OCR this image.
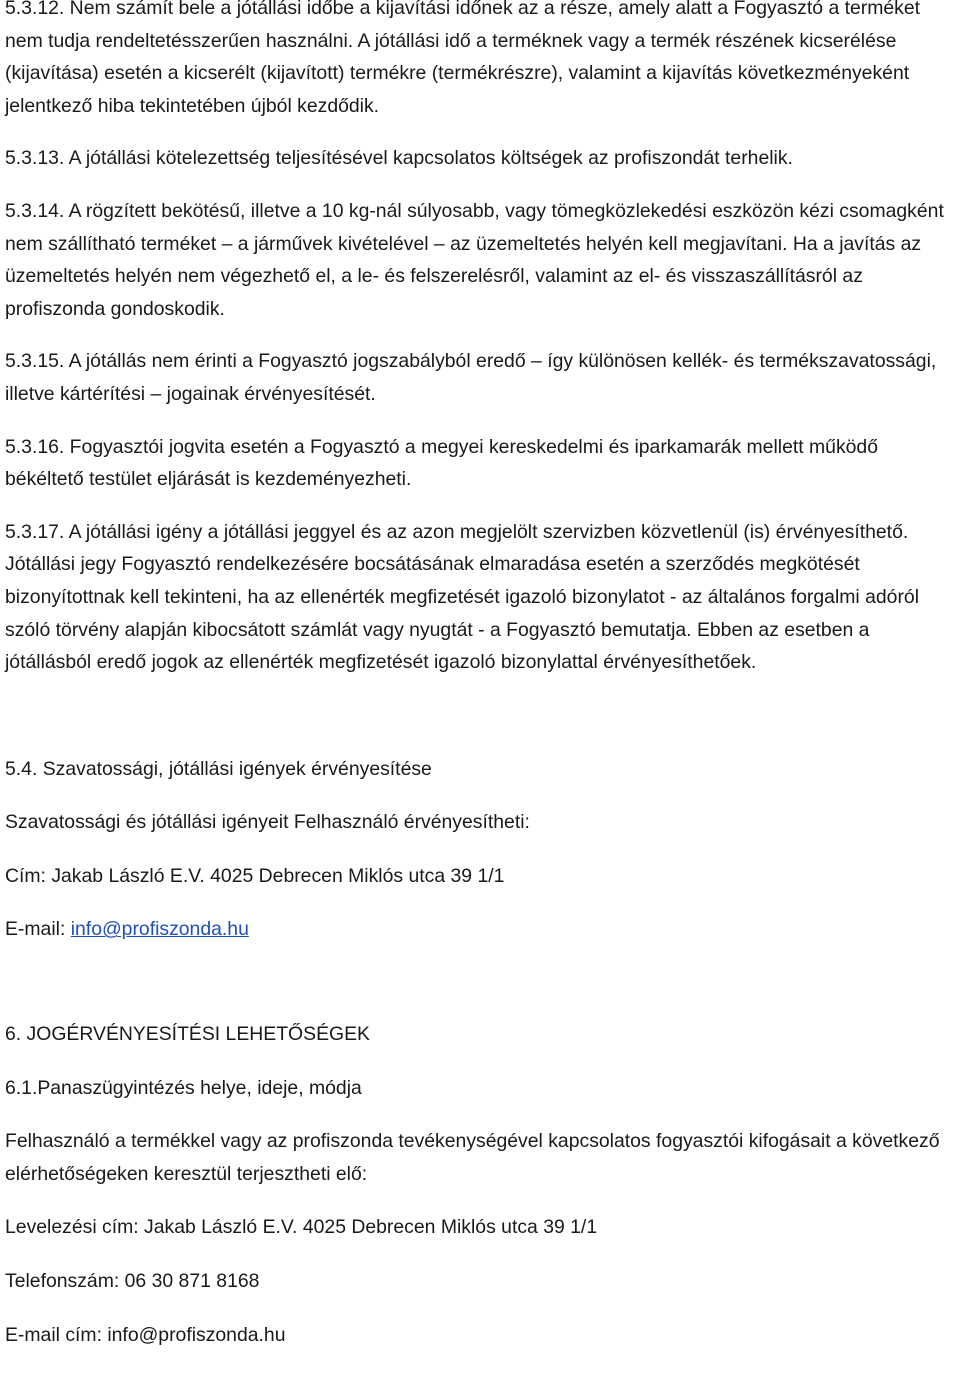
5.3.12. Nem számít bele a jótállási időbe a kijavítási időnek az a része, amely alatt a Fogyasztó a terméket nem tudja rendeltetésszerűen használni. A jótállási idő a terméknek vagy a termék részének kicserélése (kijavítása) esetén a kicserélt (kijavított) termékre (termékrészre), valamint a kijavítás következményeként jelentkező hiba tekintetében újból kezdődik.

5.3.13. A jótállási kötelezettség teljesítésével kapcsolatos költségek az profiszondát terhelik.

5.3.14. A rögzített bekötésű, illetve a 10 kg-nál súlyosabb, vagy tömegközlekedési eszközön kézi csomagként nem szállítható terméket – a járművek kivételével – az üzemeltetés helyén kell megjavítani. Ha a javítás az üzemeltetés helyén nem végezhető el, a le- és felszerelésről, valamint az el- és visszaszállításról az profiszonda gondoskodik.

5.3.15. A jótállás nem érinti a Fogyasztó jogszabályból eredő – így különösen kellék- és termékszavatossági, illetve kártérítési – jogainak érvényesítését.

5.3.16. Fogyasztói jogvita esetén a Fogyasztó a megyei kereskedelmi és iparkamarák mellett működő békéltető testület eljárását is kezdeményezheti.

5.3.17. A jótállási igény a jótállási jeggyel és az azon megjelölt szervizben közvetlenül (is) érvényesíthető. Jótállási jegy Fogyasztó rendelkezésére bocsátásának elmaradása esetén a szerződés megkötését bizonyítottnak kell tekinteni, ha az ellenérték megfizetését igazoló bizonylatot - az általános forgalmi adóról szóló törvény alapján kibocsátott számlát vagy nyugtát - a Fogyasztó bemutatja. Ebben az esetben a jótállásból eredő jogok az ellenérték megfizetését igazoló bizonylattal érvényesíthetőek.

5.4. Szavatossági, jótállási igények érvényesítése

Szavatossági és jótállási igényeit Felhasználó érvényesítheti:

Cím: Jakab László E.V. 4025 Debrecen Miklós utca 39 1/1

E-mail: info@profiszonda.hu

6. JOGÉRVÉNYESÍTÉSI LEHETŐSÉGEK

6.1.Panaszügyintézés helye, ideje, módja

Felhasználó a termékkel vagy az profiszonda tevékenységével kapcsolatos fogyasztói kifogásait a következő elérhetőségeken keresztül terjesztheti elő:

Levelezési cím: Jakab László E.V. 4025 Debrecen Miklós utca 39 1/1

Telefonszám: 06 30 871 8168

E-mail cím: info@profiszonda.hu
